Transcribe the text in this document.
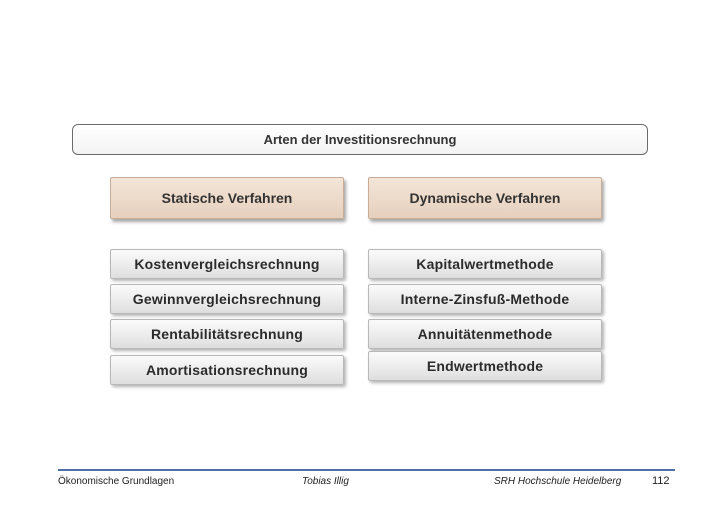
Arten der Investitionsrechnung
Statische Verfahren	Dynamische Verfahren
Kostenvergleichsrechnung
Gewinnvergleichsrechnung
Rentabilitätsrechnung
Amortisationsrechnung
Kapitalwertmethode
Interne-Zinsfuß-Methode
Annuitätenmethode
Endwertmethode
Ökonomische Grundlagen	Tobias Illig	SRH Hochschule Heidelberg	112
